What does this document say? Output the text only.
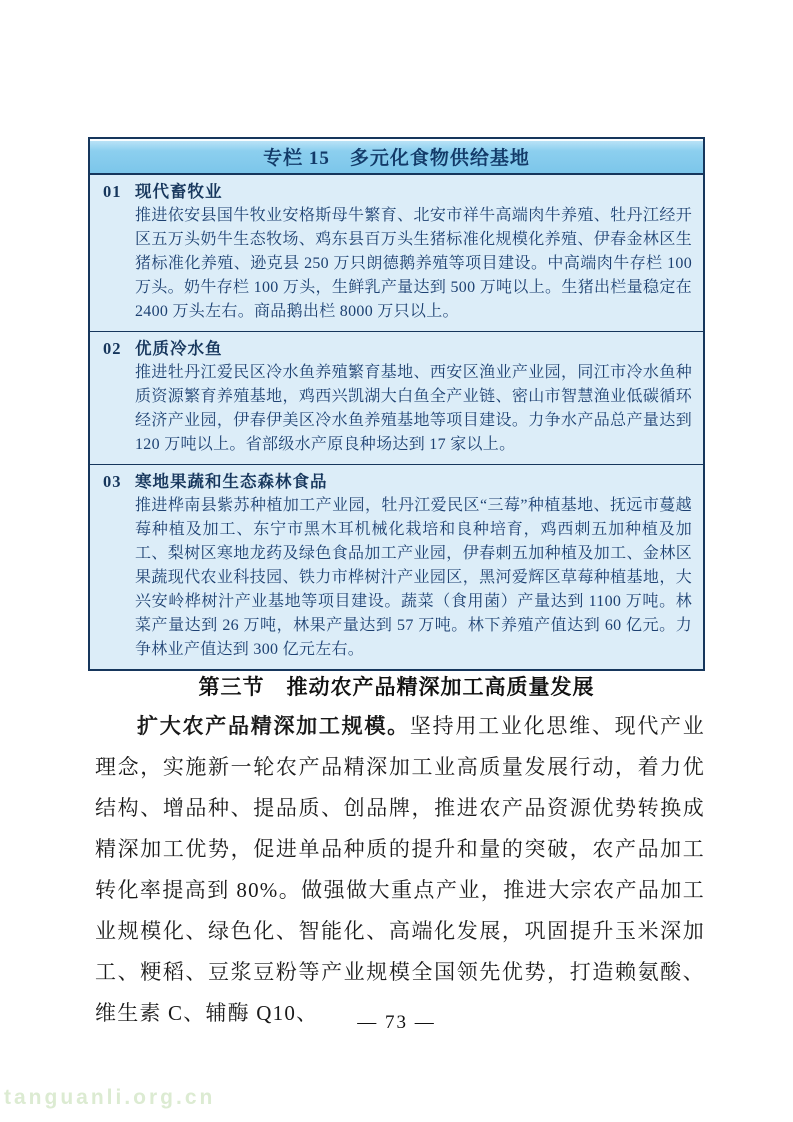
专栏 15　多元化食物供给基地
01 现代畜牧业
推进依安县国牛牧业安格斯母牛繁育、北安市祥牛高端肉牛养殖、牡丹江经开区五万头奶牛生态牧场、鸡东县百万头生猪标准化规模化养殖、伊春金林区生猪标准化养殖、逊克县 250 万只朗德鹅养殖等项目建设。中高端肉牛存栏 100 万头。奶牛存栏 100 万头，生鲜乳产量达到 500 万吨以上。生猪出栏量稳定在 2400 万头左右。商品鹅出栏 8000 万只以上。
02 优质冷水鱼
推进牡丹江爱民区冷水鱼养殖繁育基地、西安区渔业产业园，同江市冷水鱼种质资源繁育养殖基地，鸡西兴凯湖大白鱼全产业链、密山市智慧渔业低碳循环经济产业园，伊春伊美区冷水鱼养殖基地等项目建设。力争水产品总产量达到 120 万吨以上。省部级水产原良种场达到 17 家以上。
03 寒地果蔬和生态森林食品
推进桦南县紫苏种植加工产业园，牡丹江爱民区“三莓”种植基地、抚远市蔓越莓种植及加工、东宁市黑木耳机械化栽培和良种培育，鸡西刺五加种植及加工、梨树区寒地龙药及绿色食品加工产业园，伊春刺五加种植及加工、金林区果蔬现代农业科技园、铁力市桦树汁产业园区，黑河爱辉区草莓种植基地，大兴安岭桦树汁产业基地等项目建设。蔬菜（食用菌）产量达到 1100 万吨。林菜产量达到 26 万吨，林果产量达到 57 万吨。林下养殖产值达到 60 亿元。力争林业产值达到 300 亿元左右。
第三节　推动农产品精深加工高质量发展
扩大农产品精深加工规模。坚持用工业化思维、现代产业理念，实施新一轮农产品精深加工业高质量发展行动，着力优结构、增品种、提品质、创品牌，推进农产品资源优势转换成精深加工优势，促进单品种质的提升和量的突破，农产品加工转化率提高到 80%。做强做大重点产业，推进大宗农产品加工业规模化、绿色化、智能化、高端化发展，巩固提升玉米深加工、粳稻、豆浆豆粉等产业规模全国领先优势，打造赖氨酸、维生素 C、辅酶 Q10、	— 73 —
tanguanli.org.cn
